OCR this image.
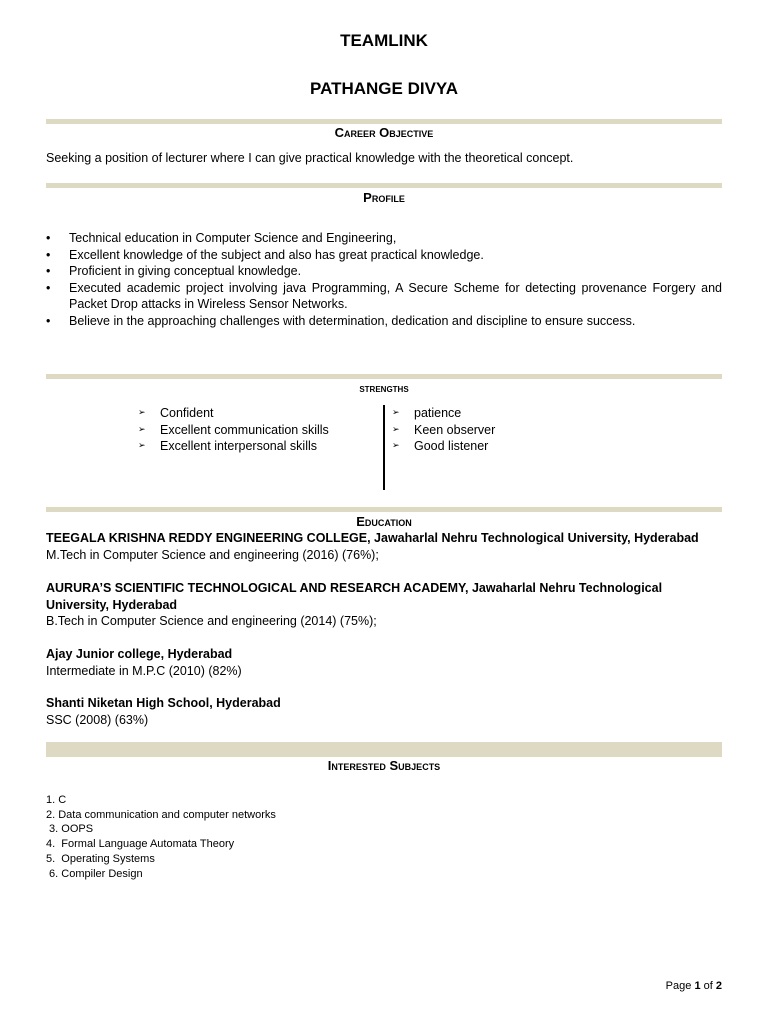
TEAMLINK
PATHANGE DIVYA
Career Objective
Seeking a position of lecturer where I can give practical knowledge with the theoretical concept.
Profile
• Technical education in Computer Science and Engineering,
• Excellent knowledge of the subject and also has great practical knowledge.
• Proficient in giving conceptual knowledge.
• Executed academic project involving java Programming, A Secure Scheme for detecting provenance Forgery and Packet Drop attacks in Wireless Sensor Networks.
• Believe in the approaching challenges with determination, dedication and discipline to ensure success.
strengths
➢ Confident
➢ Excellent communication skills
➢ Excellent interpersonal skills
➢ patience
➢ Keen observer
➢ Good listener
Education
TEEGALA KRISHNA REDDY ENGINEERING COLLEGE, Jawaharlal Nehru Technological University, Hyderabad
M.Tech in Computer Science and engineering (2016) (76%);
AURURA’S SCIENTIFIC TECHNOLOGICAL AND RESEARCH ACADEMY, Jawaharlal Nehru Technological University, Hyderabad
B.Tech in Computer Science and engineering (2014) (75%);
Ajay Junior college, Hyderabad
Intermediate in M.P.C (2010) (82%)
Shanti Niketan High School, Hyderabad
SSC (2008) (63%)
Interested Subjects
1. C
2. Data communication and computer networks
3. OOPS
4.  Formal Language Automata Theory
5.  Operating Systems
6. Compiler Design
Page 1 of 2
